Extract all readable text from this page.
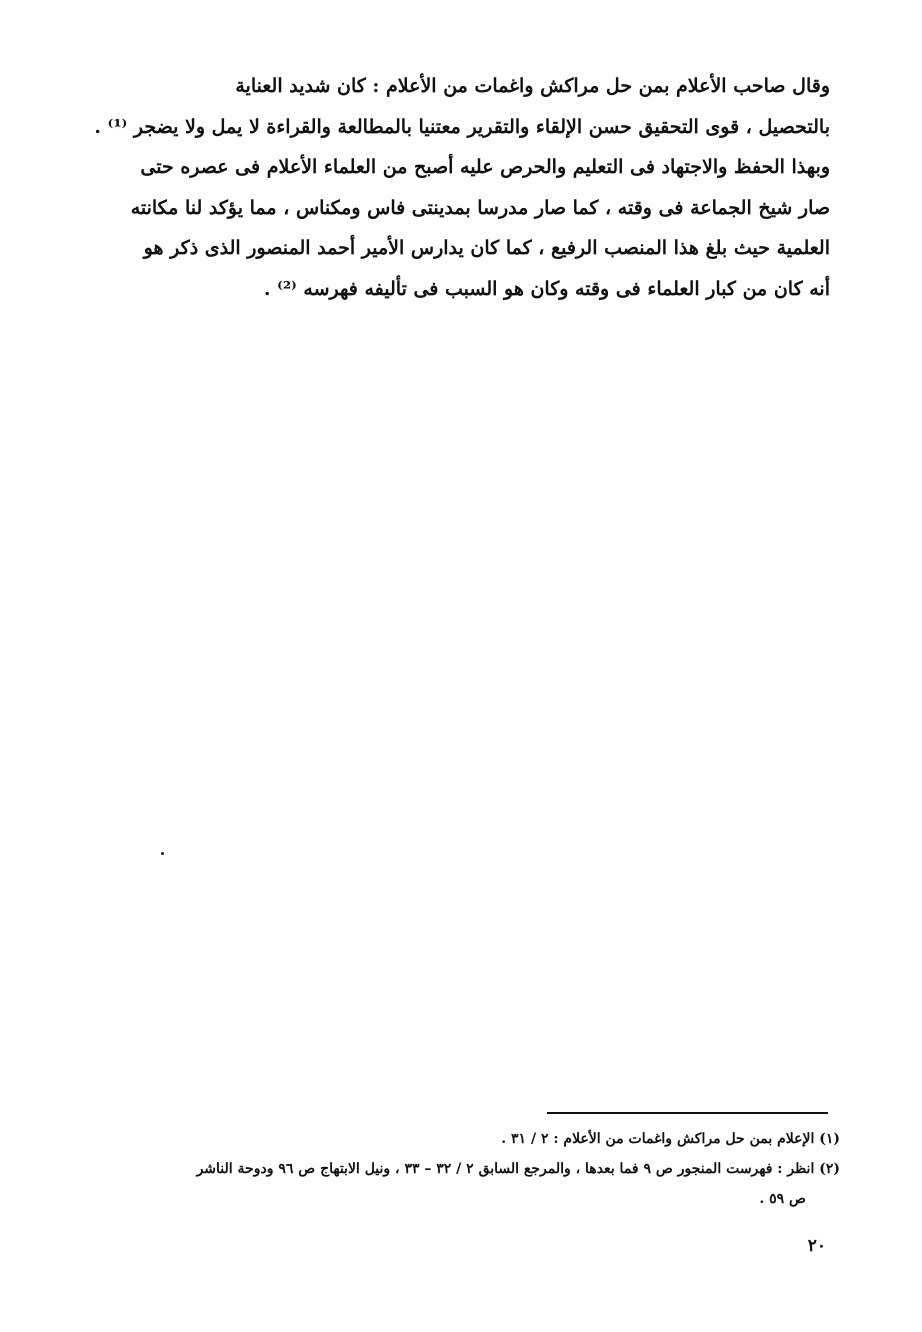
وقال صاحب الأعلام بمن حل مراكش واغمات من الأعلام : كان شديد العناية
بالتحصيل ، قوى التحقيق حسن الإلقاء والتقرير معتنيا بالمطالعة والقراءة لا يمل ولا يضجر ⁽¹⁾ .
وبهذا الحفظ والاجتهاد فى التعليم والحرص عليه أصبح من العلماء الأعلام فى عصره حتى
صار شيخ الجماعة فى وقته ، كما صار مدرسا بمدينتى فاس ومكناس ، مما يؤكد لنا مكانته
العلمية حيث بلغ هذا المنصب الرفيع ، كما كان يدارس الأمير أحمد المنصور الذى ذكر هو
أنه كان من كبار العلماء فى وقته وكان هو السبب فى تأليفه فهرسه ⁽²⁾ .
(١) الإعلام بمن حل مراكش واغمات من الأعلام : ٢ / ٣١ .
(٢) انظر : فهرست المنجور ص ٩ فما بعدها ، والمرجع السابق ٢ / ٣٢ – ٣٣ ، ونيل الابتهاج ص ٩٦ ودوحة الناشر
ص ٥٩ .
٢٠
